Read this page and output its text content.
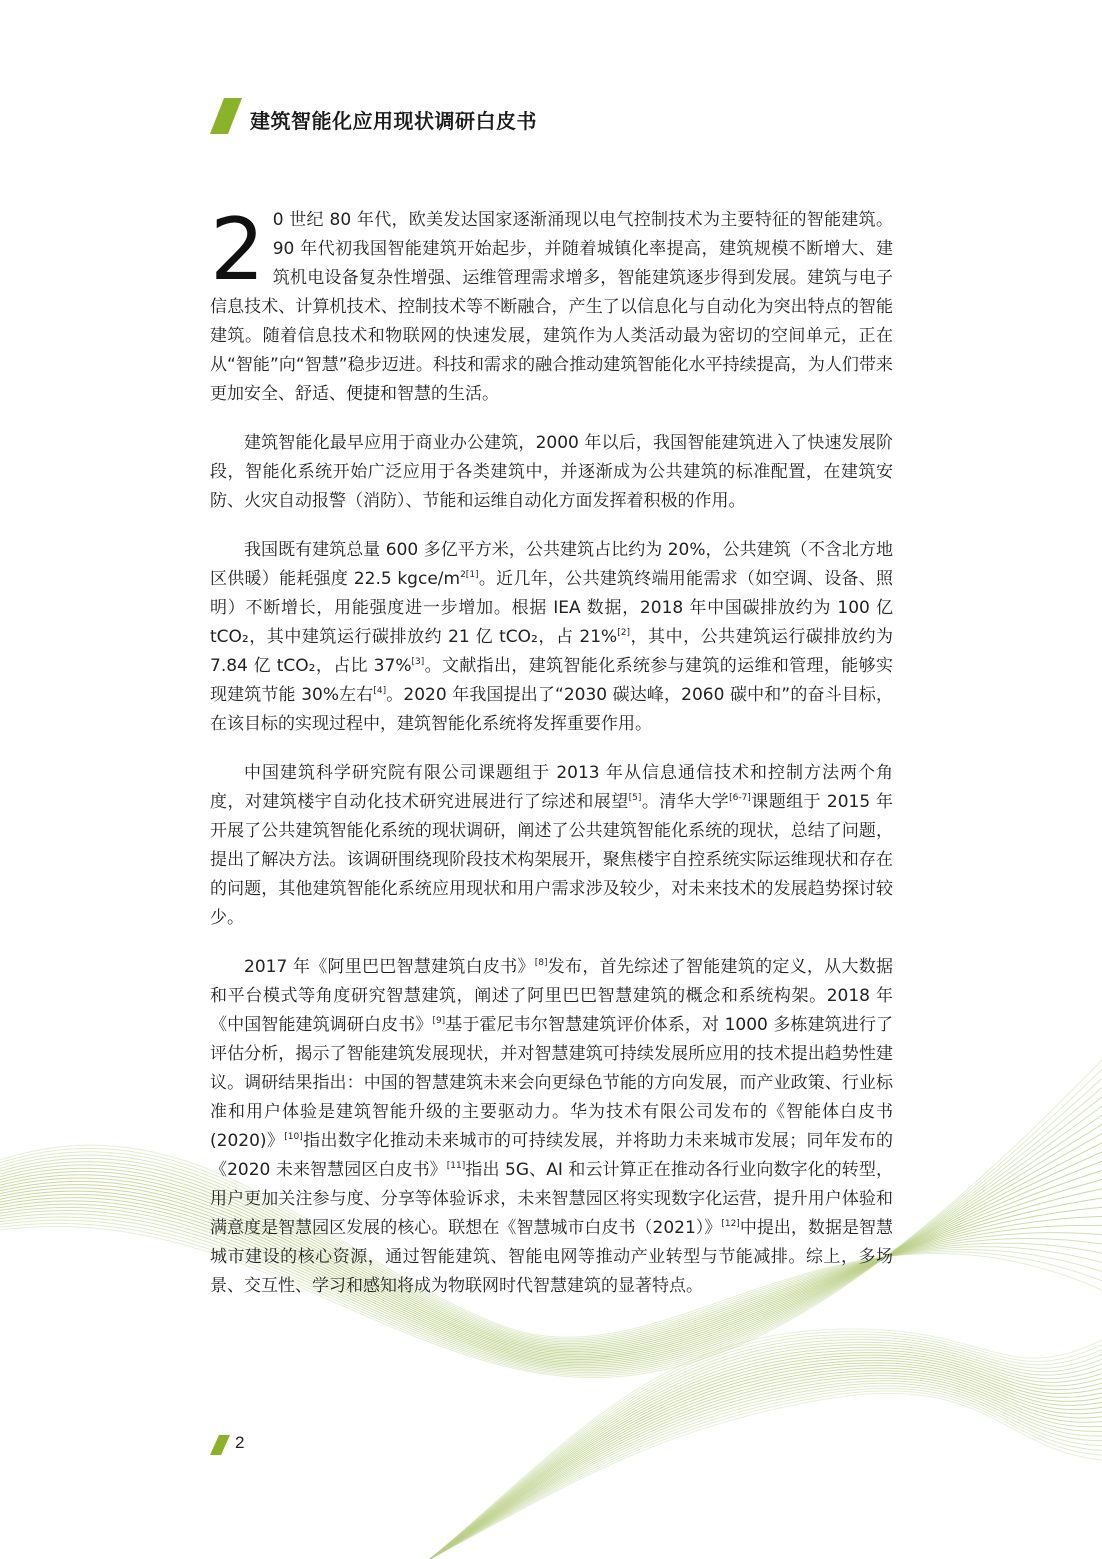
建筑智能化应用现状调研白皮书

2 0 世纪 80 年代，欧美发达国家逐渐涌现以电气控制技术为主要特征的智能建筑。90 年代初我国智能建筑开始起步，并随着城镇化率提高，建筑规模不断增大、建筑机电设备复杂性增强、运维管理需求增多，智能建筑逐步得到发展。建筑与电子信息技术、计算机技术、控制技术等不断融合，产生了以信息化与自动化为突出特点的智能建筑。随着信息技术和物联网的快速发展，建筑作为人类活动最为密切的空间单元，正在从“智能”向“智慧”稳步迈进。科技和需求的融合推动建筑智能化水平持续提高，为人们带来更加安全、舒适、便捷和智慧的生活。

建筑智能化最早应用于商业办公建筑，2000 年以后，我国智能建筑进入了快速发展阶段，智能化系统开始广泛应用于各类建筑中，并逐渐成为公共建筑的标准配置，在建筑安防、火灾自动报警（消防）、节能和运维自动化方面发挥着积极的作用。

我国既有建筑总量 600 多亿平方米，公共建筑占比约为 20%，公共建筑（不含北方地区供暖）能耗强度 22.5 kgce/$m^{2[1]}$。近几年，公共建筑终端用能需求（如空调、设备、照明）不断增长，用能强度进一步增加。根据 IEA 数据，2018 年中国碳排放约为 100 亿 tCO₂，其中建筑运行碳排放约 21 亿 tCO₂，占 21%[2]，其中，公共建筑运行碳排放约为 7.84 亿 tCO₂，占比 37%[3]。文献指出，建筑智能化系统参与建筑的运维和管理，能够实现建筑节能 30%左右[4]。2020 年我国提出了“2030 碳达峰，2060 碳中和”的奋斗目标，在该目标的实现过程中，建筑智能化系统将发挥重要作用。

中国建筑科学研究院有限公司课题组于 2013 年从信息通信技术和控制方法两个角度，对建筑楼宇自动化技术研究进展进行了综述和展望[5]。清华大学[6-7]课题组于 2015 年开展了公共建筑智能化系统的现状调研，阐述了公共建筑智能化系统的现状，总结了问题，提出了解决方法。该调研围绕现阶段技术构架展开，聚焦楼宇自控系统实际运维现状和存在的问题，其他建筑智能化系统应用现状和用户需求涉及较少，对未来技术的发展趋势探讨较少。

2017 年《阿里巴巴智慧建筑白皮书》[8]发布，首先综述了智能建筑的定义，从大数据和平台模式等角度研究智慧建筑，阐述了阿里巴巴智慧建筑的概念和系统构架。2018 年《中国智能建筑调研白皮书》[9]基于霍尼韦尔智慧建筑评价体系，对 1000 多栋建筑进行了评估分析，揭示了智能建筑发展现状，并对智慧建筑可持续发展所应用的技术提出趋势性建议。调研结果指出：中国的智慧建筑未来会向更绿色节能的方向发展，而产业政策、行业标准和用户体验是建筑智能升级的主要驱动力。华为技术有限公司发布的《智能体白皮书(2020)》[10]指出数字化推动未来城市的可持续发展，并将助力未来城市发展；同年发布的《2020 未来智慧园区白皮书》[11]指出 5G、AI 和云计算正在推动各行业向数字化的转型，用户更加关注参与度、分享等体验诉求，未来智慧园区将实现数字化运营，提升用户体验和满意度是智慧园区发展的核心。联想在《智慧城市白皮书（2021）》[12]中提出，数据是智慧城市建设的核心资源，通过智能建筑、智能电网等推动产业转型与节能减排。综上，多场景、交互性、学习和感知将成为物联网时代智慧建筑的显著特点。

2
